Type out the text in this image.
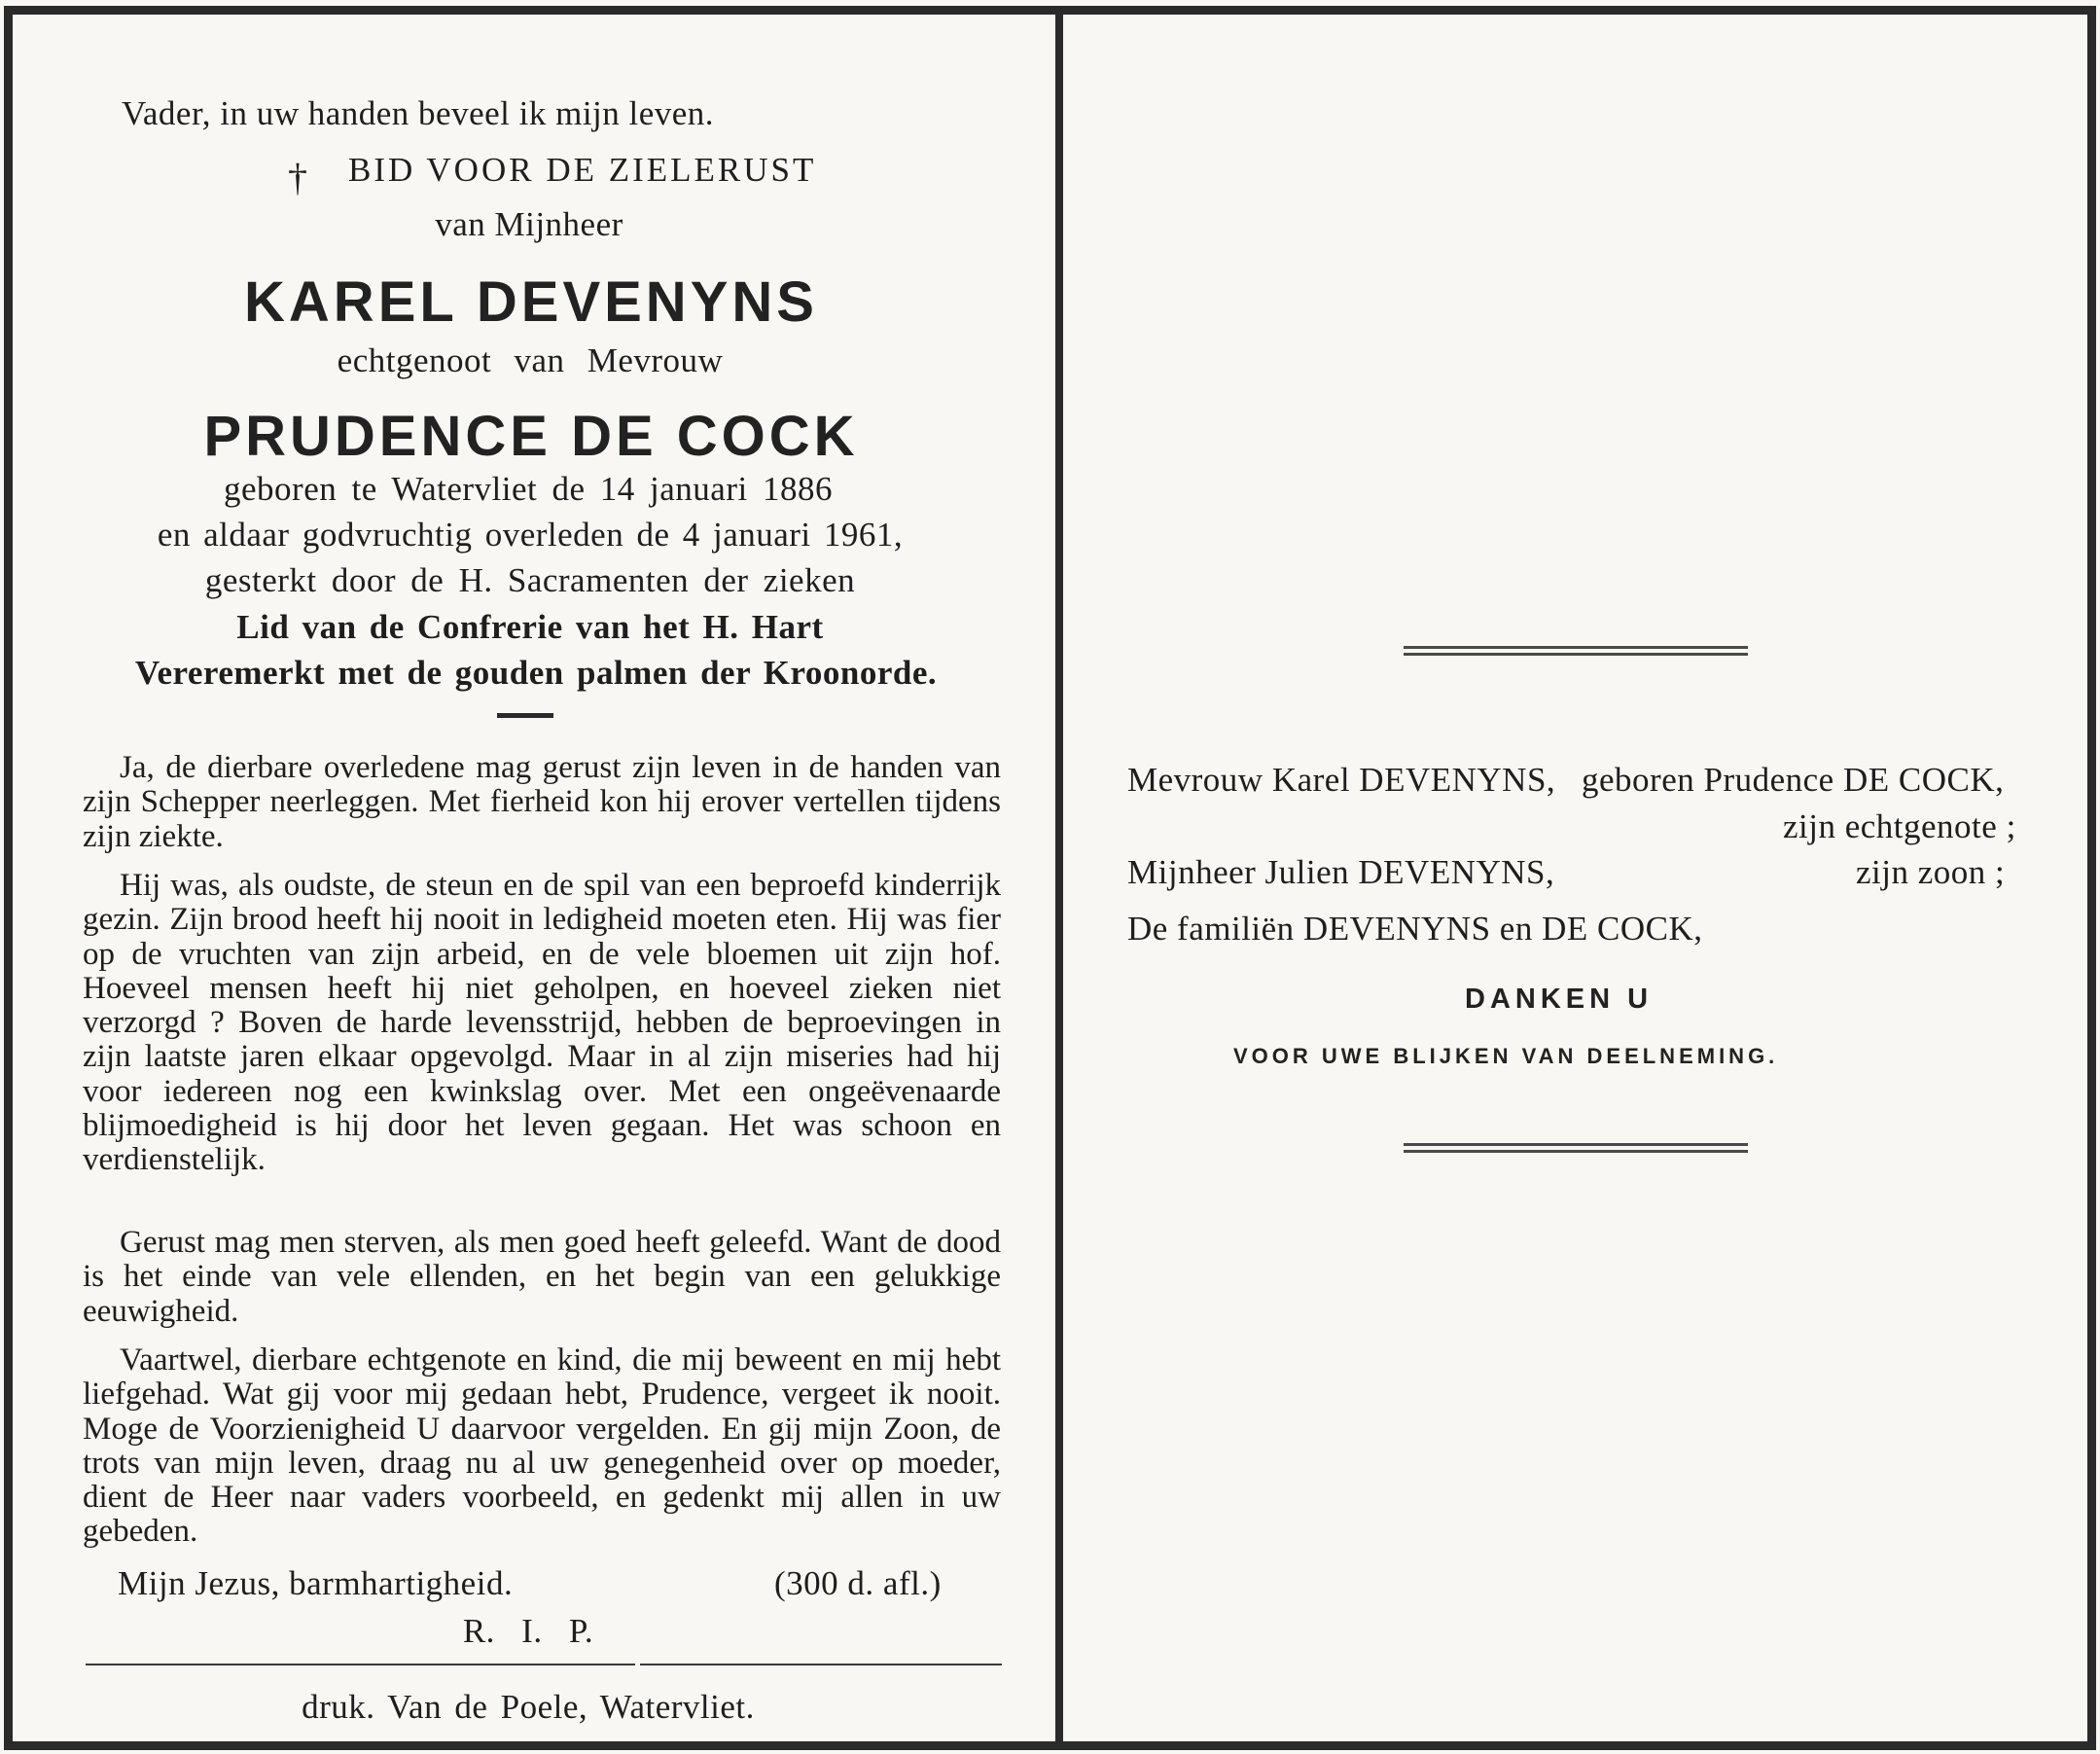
Vader, in uw handen beveel ik mijn leven.
† BID VOOR DE ZIELERUST
van Mijnheer
KAREL DEVENYNS
echtgenoot van Mevrouw
PRUDENCE DE COCK
geboren te Watervliet de 14 januari 1886
en aldaar godvruchtig overleden de 4 januari 1961,
gesterkt door de H. Sacramenten der zieken
Lid van de Confrerie van het H. Hart
Vereremerkt met de gouden palmen der Kroonorde.

Ja, de dierbare overledene mag gerust zijn leven in de handen van zijn Schepper neerleggen. Met fierheid kon hij erover vertellen tijdens zijn ziekte.

Hij was, als oudste, de steun en de spil van een beproefd kinderrijk gezin. Zijn brood heeft hij nooit in ledigheid moeten eten. Hij was fier op de vruchten van zijn arbeid, en de vele bloemen uit zijn hof. Hoeveel mensen heeft hij niet geholpen, en hoeveel zieken niet verzorgd ? Boven de harde levensstrijd, hebben de beproevingen in zijn laatste jaren elkaar opgevolgd. Maar in al zijn miseries had hij voor iedereen nog een kwinkslag over. Met een ongeëvenaarde blijmoedigheid is hij door het leven gegaan. Het was schoon en verdienstelijk.

Gerust mag men sterven, als men goed heeft geleefd. Want de dood is het einde van vele ellenden, en het begin van een gelukkige eeuwigheid.

Vaartwel, dierbare echtgenote en kind, die mij beweent en mij hebt liefgehad. Wat gij voor mij gedaan hebt, Prudence, vergeet ik nooit. Moge de Voorzienigheid U daarvoor vergelden. En gij mijn Zoon, de trots van mijn leven, draag nu al uw genegenheid over op moeder, dient de Heer naar vaders voorbeeld, en gedenkt mij allen in uw gebeden.

Mijn Jezus, barmhartigheid.	(300 d. afl.)
R. I. P.
druk. Van de Poele, Watervliet.
Mevrouw Karel DEVENYNS, geboren Prudence DE COCK,
zijn echtgenote ;
Mijnheer Julien DEVENYNS,	zijn zoon ;
De familiën DEVENYNS en DE COCK,
DANKEN U
VOOR UWE BLIJKEN VAN DEELNEMING.
